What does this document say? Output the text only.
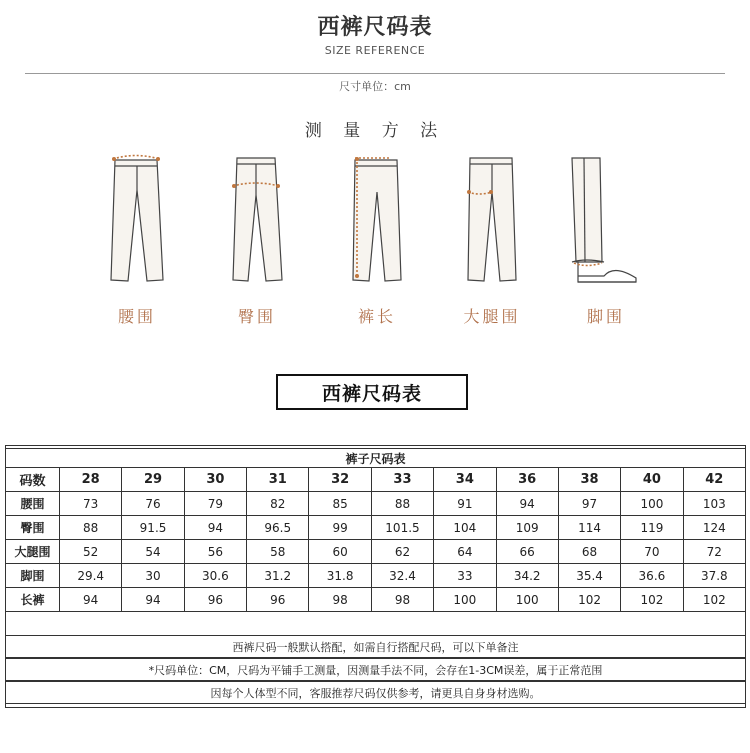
西裤尺码表
SIZE REFERENCE
尺寸单位：cm
测 量 方 法
腰围	臀围	裤长	大腿围	脚围
西裤尺码表
裤子尺码表											
码数	28	29	30	31	32	33	34	36	38	40	42
腰围	73	76	79	82	85	88	91	94	97	100	103
臀围	88	91.5	94	96.5	99	101.5	104	109	114	119	124
大腿围	52	54	56	58	60	62	64	66	68	70	72
脚围	29.4	30	30.6	31.2	31.8	32.4	33	34.2	35.4	36.6	37.8
长裤	94	94	96	96	98	98	100	100	102	102	102
西裤尺码一般默认搭配，如需自行搭配尺码，可以下单备注
*尺码单位：CM，尺码为平铺手工测量，因测量手法不同，会存在1-3CM误差，属于正常范围
因每个人体型不同，客服推荐尺码仅供参考，请更具自身身材选购。
